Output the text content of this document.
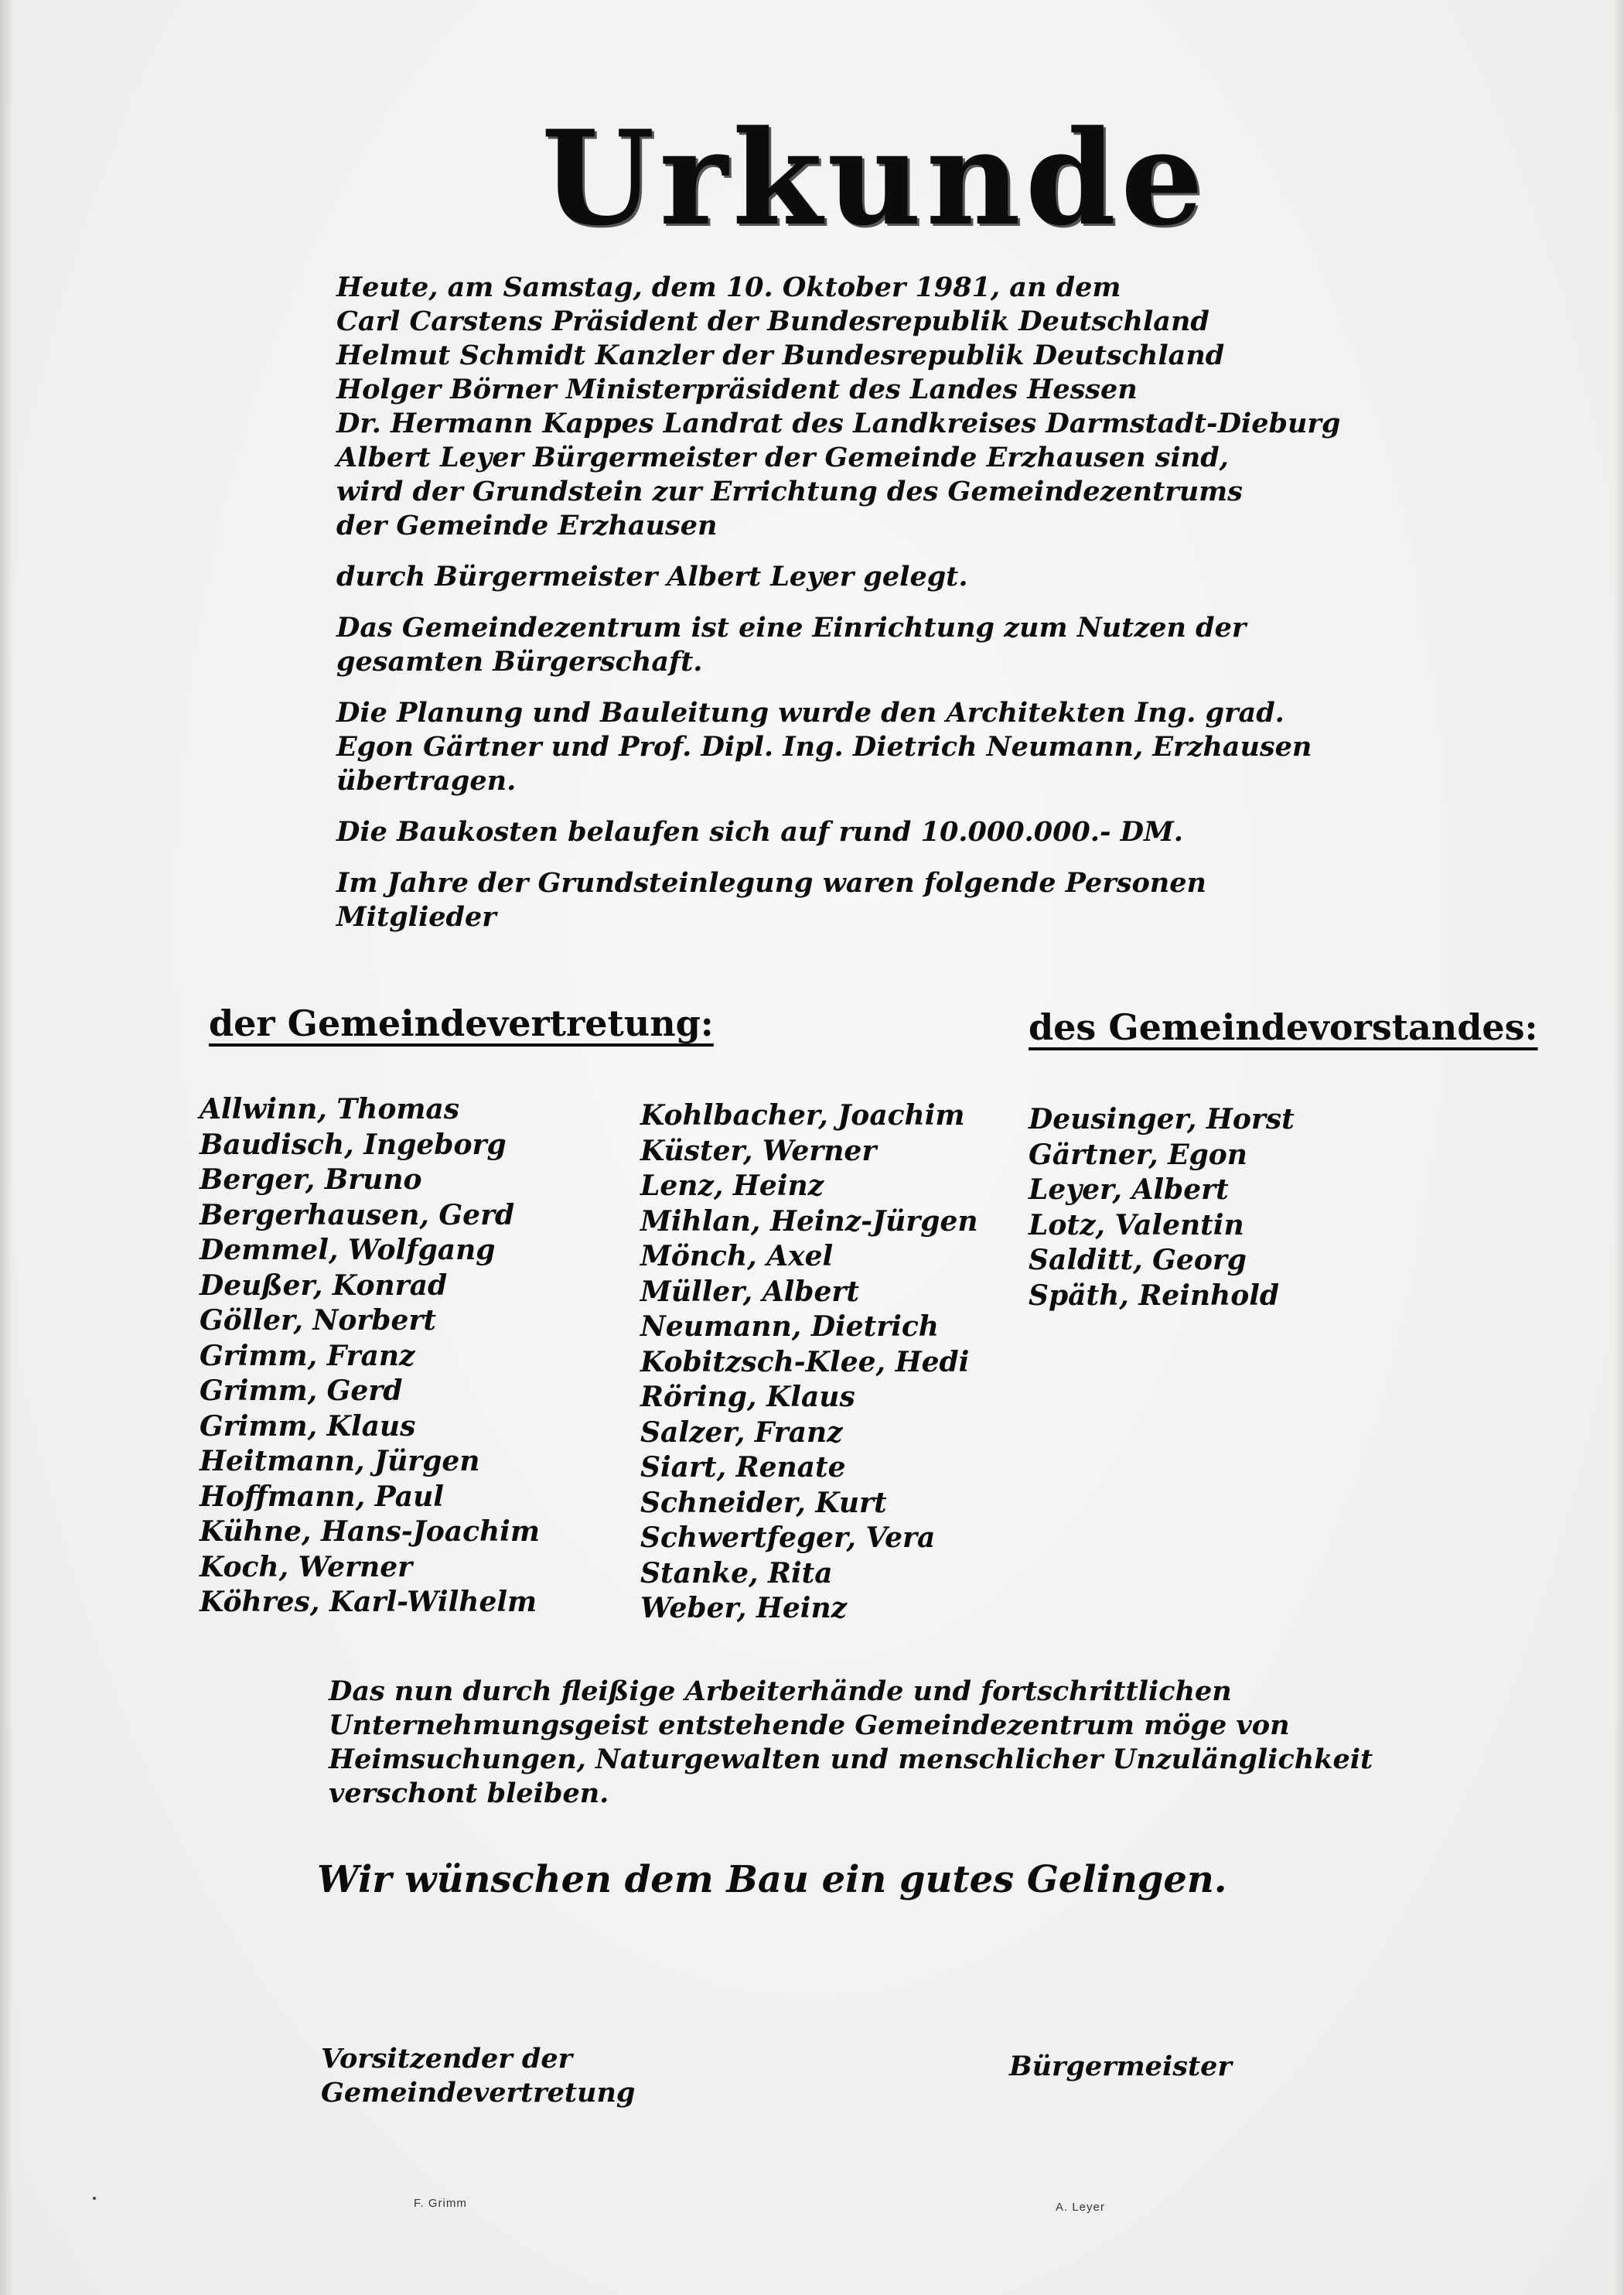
Urkunde
Heute, am Samstag, dem 10. Oktober 1981, an dem
Carl Carstens Präsident der Bundesrepublik Deutschland
Helmut Schmidt Kanzler der Bundesrepublik Deutschland
Holger Börner Ministerpräsident des Landes Hessen
Dr. Hermann Kappes Landrat des Landkreises Darmstadt-Dieburg
Albert Leyer Bürgermeister der Gemeinde Erzhausen sind,
wird der Grundstein zur Errichtung des Gemeindezentrums
der Gemeinde Erzhausen
durch Bürgermeister Albert Leyer gelegt.
Das Gemeindezentrum ist eine Einrichtung zum Nutzen der
gesamten Bürgerschaft.
Die Planung und Bauleitung wurde den Architekten Ing. grad.
Egon Gärtner und Prof. Dipl. Ing. Dietrich Neumann, Erzhausen
übertragen.
Die Baukosten belaufen sich auf rund 10.000.000.- DM.
Im Jahre der Grundsteinlegung waren folgende Personen
Mitglieder
der Gemeindevertretung:	des Gemeindevorstandes:
Allwinn, Thomas
Baudisch, Ingeborg
Berger, Bruno
Bergerhausen, Gerd
Demmel, Wolfgang
Deußer, Konrad
Göller, Norbert
Grimm, Franz
Grimm, Gerd
Grimm, Klaus
Heitmann, Jürgen
Hoffmann, Paul
Kühne, Hans-Joachim
Koch, Werner
Köhres, Karl-Wilhelm
Kohlbacher, Joachim
Küster, Werner
Lenz, Heinz
Mihlan, Heinz-Jürgen
Mönch, Axel
Müller, Albert
Neumann, Dietrich
Kobitzsch-Klee, Hedi
Röring, Klaus
Salzer, Franz
Siart, Renate
Schneider, Kurt
Schwertfeger, Vera
Stanke, Rita
Weber, Heinz
Deusinger, Horst
Gärtner, Egon
Leyer, Albert
Lotz, Valentin
Salditt, Georg
Späth, Reinhold
Das nun durch fleißige Arbeiterhände und fortschrittlichen
Unternehmungsgeist entstehende Gemeindezentrum möge von
Heimsuchungen, Naturgewalten und menschlicher Unzulänglichkeit
verschont bleiben.
Wir wünschen dem Bau ein gutes Gelingen.
Vorsitzender der
Gemeindevertretung
Bürgermeister
F. Grimm	A. Leyer
